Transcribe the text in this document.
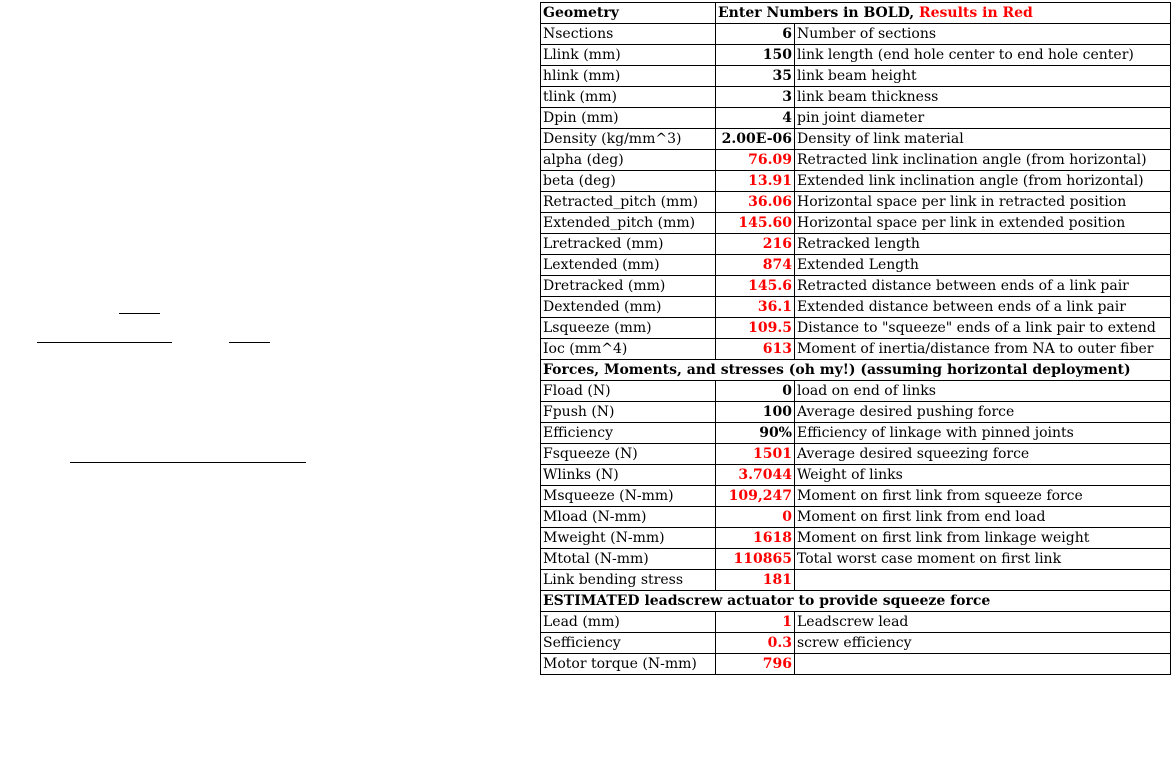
Geometry	Enter Numbers in BOLD, Results in Red	
Nsections	6	Number of sections
Llink (mm)	150	link length (end hole center to end hole center)
hlink (mm)	35	link beam height
tlink (mm)	3	link beam thickness
Dpin (mm)	4	pin joint diameter
Density (kg/mm^3)	2.00E-06	Density of link material
alpha (deg)	76.09	Retracted link inclination angle (from horizontal)
beta (deg)	13.91	Extended link inclination angle (from horizontal)
Retracted_pitch (mm)	36.06	Horizontal space per link in retracted position
Extended_pitch (mm)	145.60	Horizontal space per link in extended position
Lretracked (mm)	216	Retracked length
Lextended (mm)	874	Extended Length
Dretracked (mm)	145.6	Retracted distance between ends of a link pair
Dextended (mm)	36.1	Extended distance between ends of a link pair
Lsqueeze (mm)	109.5	Distance to "squeeze" ends of a link pair to extend
Ioc (mm^4)	613	Moment of inertia/distance from NA to outer fiber
Forces, Moments, and stresses (oh my!) (assuming horizontal deployment)		
Fload (N)	0	load on end of links
Fpush (N)	100	Average desired pushing force
Efficiency	90%	Efficiency of linkage with pinned joints
Fsqueeze (N)	1501	Average desired squeezing force
Wlinks (N)	3.7044	Weight of links
Msqueeze (N-mm)	109,247	Moment on first link from squeeze force
Mload (N-mm)	0	Moment on first link from end load
Mweight (N-mm)	1618	Moment on first link from linkage weight
Mtotal (N-mm)	110865	Total worst case moment on first link
Link bending stress	181	
ESTIMATED leadscrew actuator to provide squeeze force		
Lead (mm)	1	Leadscrew lead
Sefficiency	0.3	screw efficiency
Motor torque (N-mm)	796	
